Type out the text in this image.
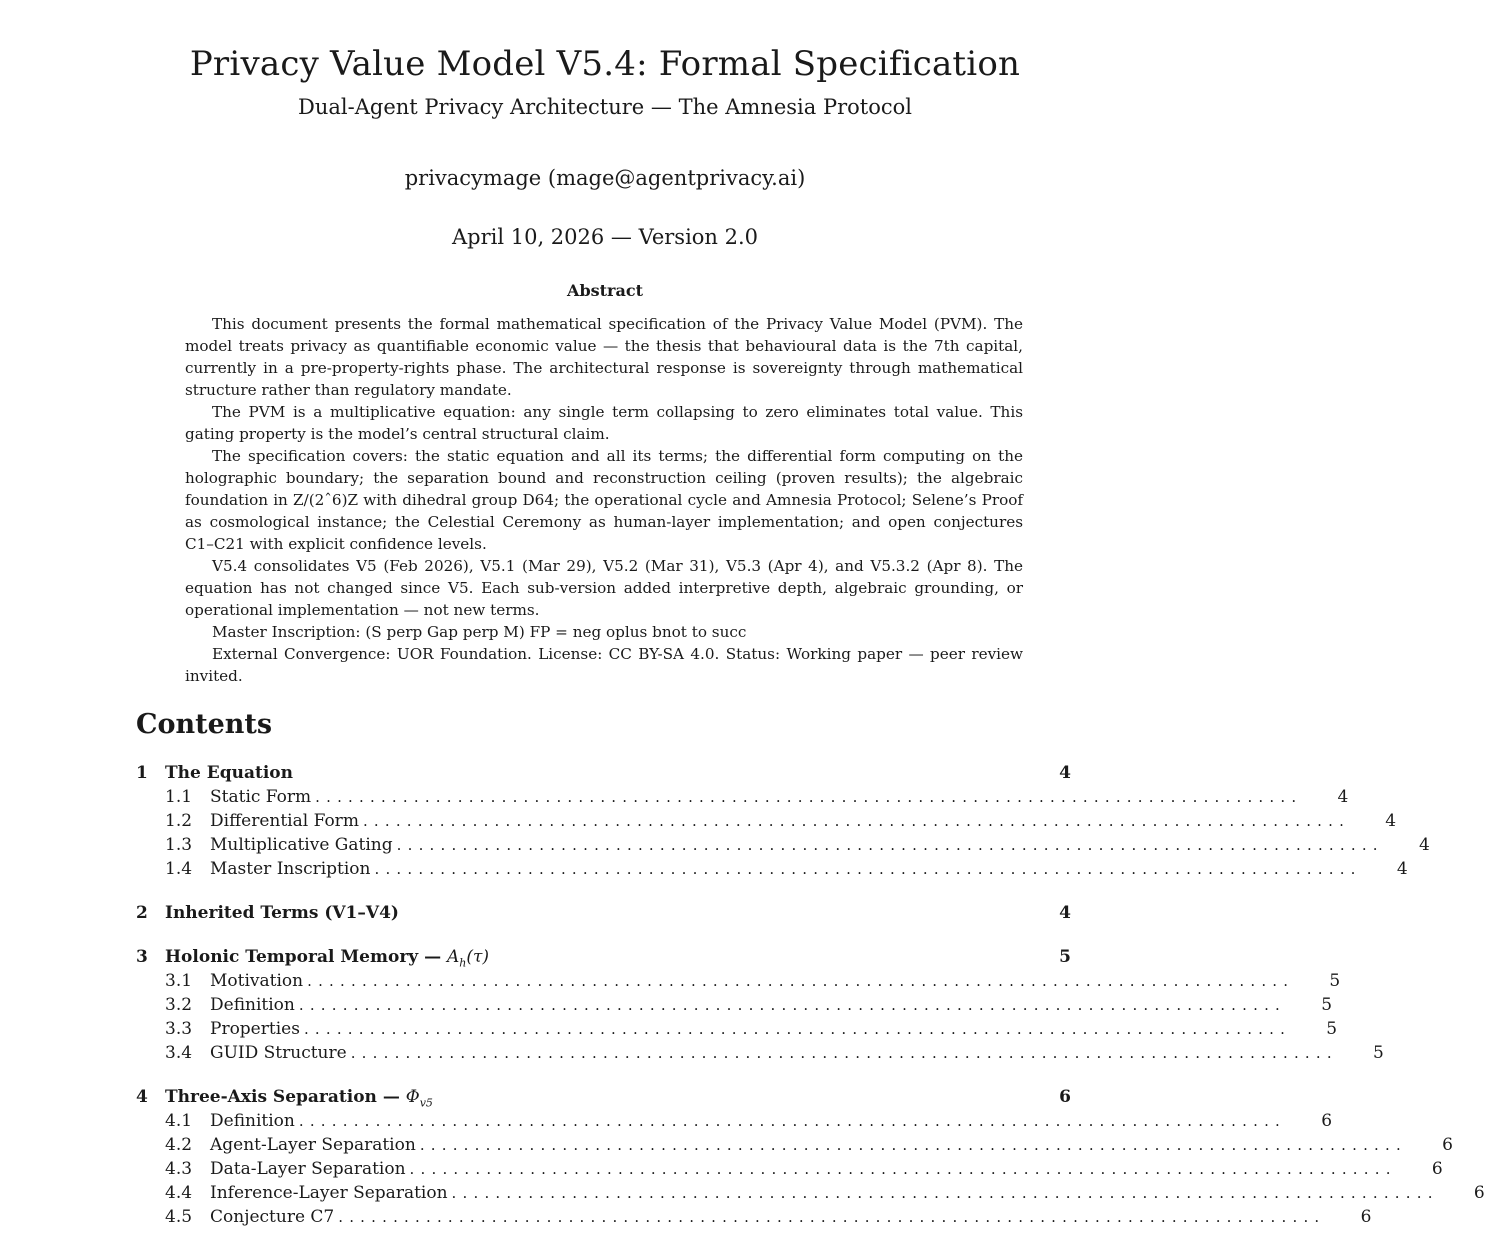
Privacy Value Model V5.4: Formal Specification
Dual-Agent Privacy Architecture — The Amnesia Protocol
privacymage (mage@agentprivacy.ai)
April 10, 2026 — Version 2.0
Abstract

This document presents the formal mathematical specification of the Privacy Value Model (PVM). The model treats privacy as quantifiable economic value — the thesis that behavioural data is the 7th capital, currently in a pre-property-rights phase. The architectural response is sovereignty through mathematical structure rather than regulatory mandate.

The PVM is a multiplicative equation: any single term collapsing to zero eliminates total value. This gating property is the model’s central structural claim.

The specification covers: the static equation and all its terms; the differential form computing on the holographic boundary; the separation bound and reconstruction ceiling (proven results); the algebraic foundation in Z/(2ˆ6)Z with dihedral group D64; the operational cycle and Amnesia Protocol; Selene’s Proof as cosmological instance; the Celestial Ceremony as human-layer implementation; and open conjectures C1–C21 with explicit confidence levels.

V5.4 consolidates V5 (Feb 2026), V5.1 (Mar 29), V5.2 (Mar 31), V5.3 (Apr 4), and V5.3.2 (Apr 8). The equation has not changed since V5. Each sub-version added interpretive depth, algebraic grounding, or operational implementation — not new terms.

Master Inscription: (S perp Gap perp M) FP = neg oplus bnot to succ

External Convergence: UOR Foundation. License: CC BY-SA 4.0. Status: Working paper — peer review invited.

Contents
1	The Equation	4
1.1	Static Form ..........................................................................................	4
1.2	Differential Form ..........................................................................................	4
1.3	Multiplicative Gating ..........................................................................................	4
1.4	Master Inscription ..........................................................................................	4
2	Inherited Terms (V1–V4)	4
3	Holonic Temporal Memory — $A_h(\tau)$	5
3.1	Motivation ..........................................................................................	5
3.2	Definition ..........................................................................................	5
3.3	Properties ..........................................................................................	5
3.4	GUID Structure ..........................................................................................	5
4	Three-Axis Separation — $\Phi_{v5}$	6
4.1	Definition ..........................................................................................	6
4.2	Agent-Layer Separation ..........................................................................................	6
4.3	Data-Layer Separation ..........................................................................................	6
4.4	Inference-Layer Separation ..........................................................................................	6
4.5	Conjecture C7 ..........................................................................................	6
